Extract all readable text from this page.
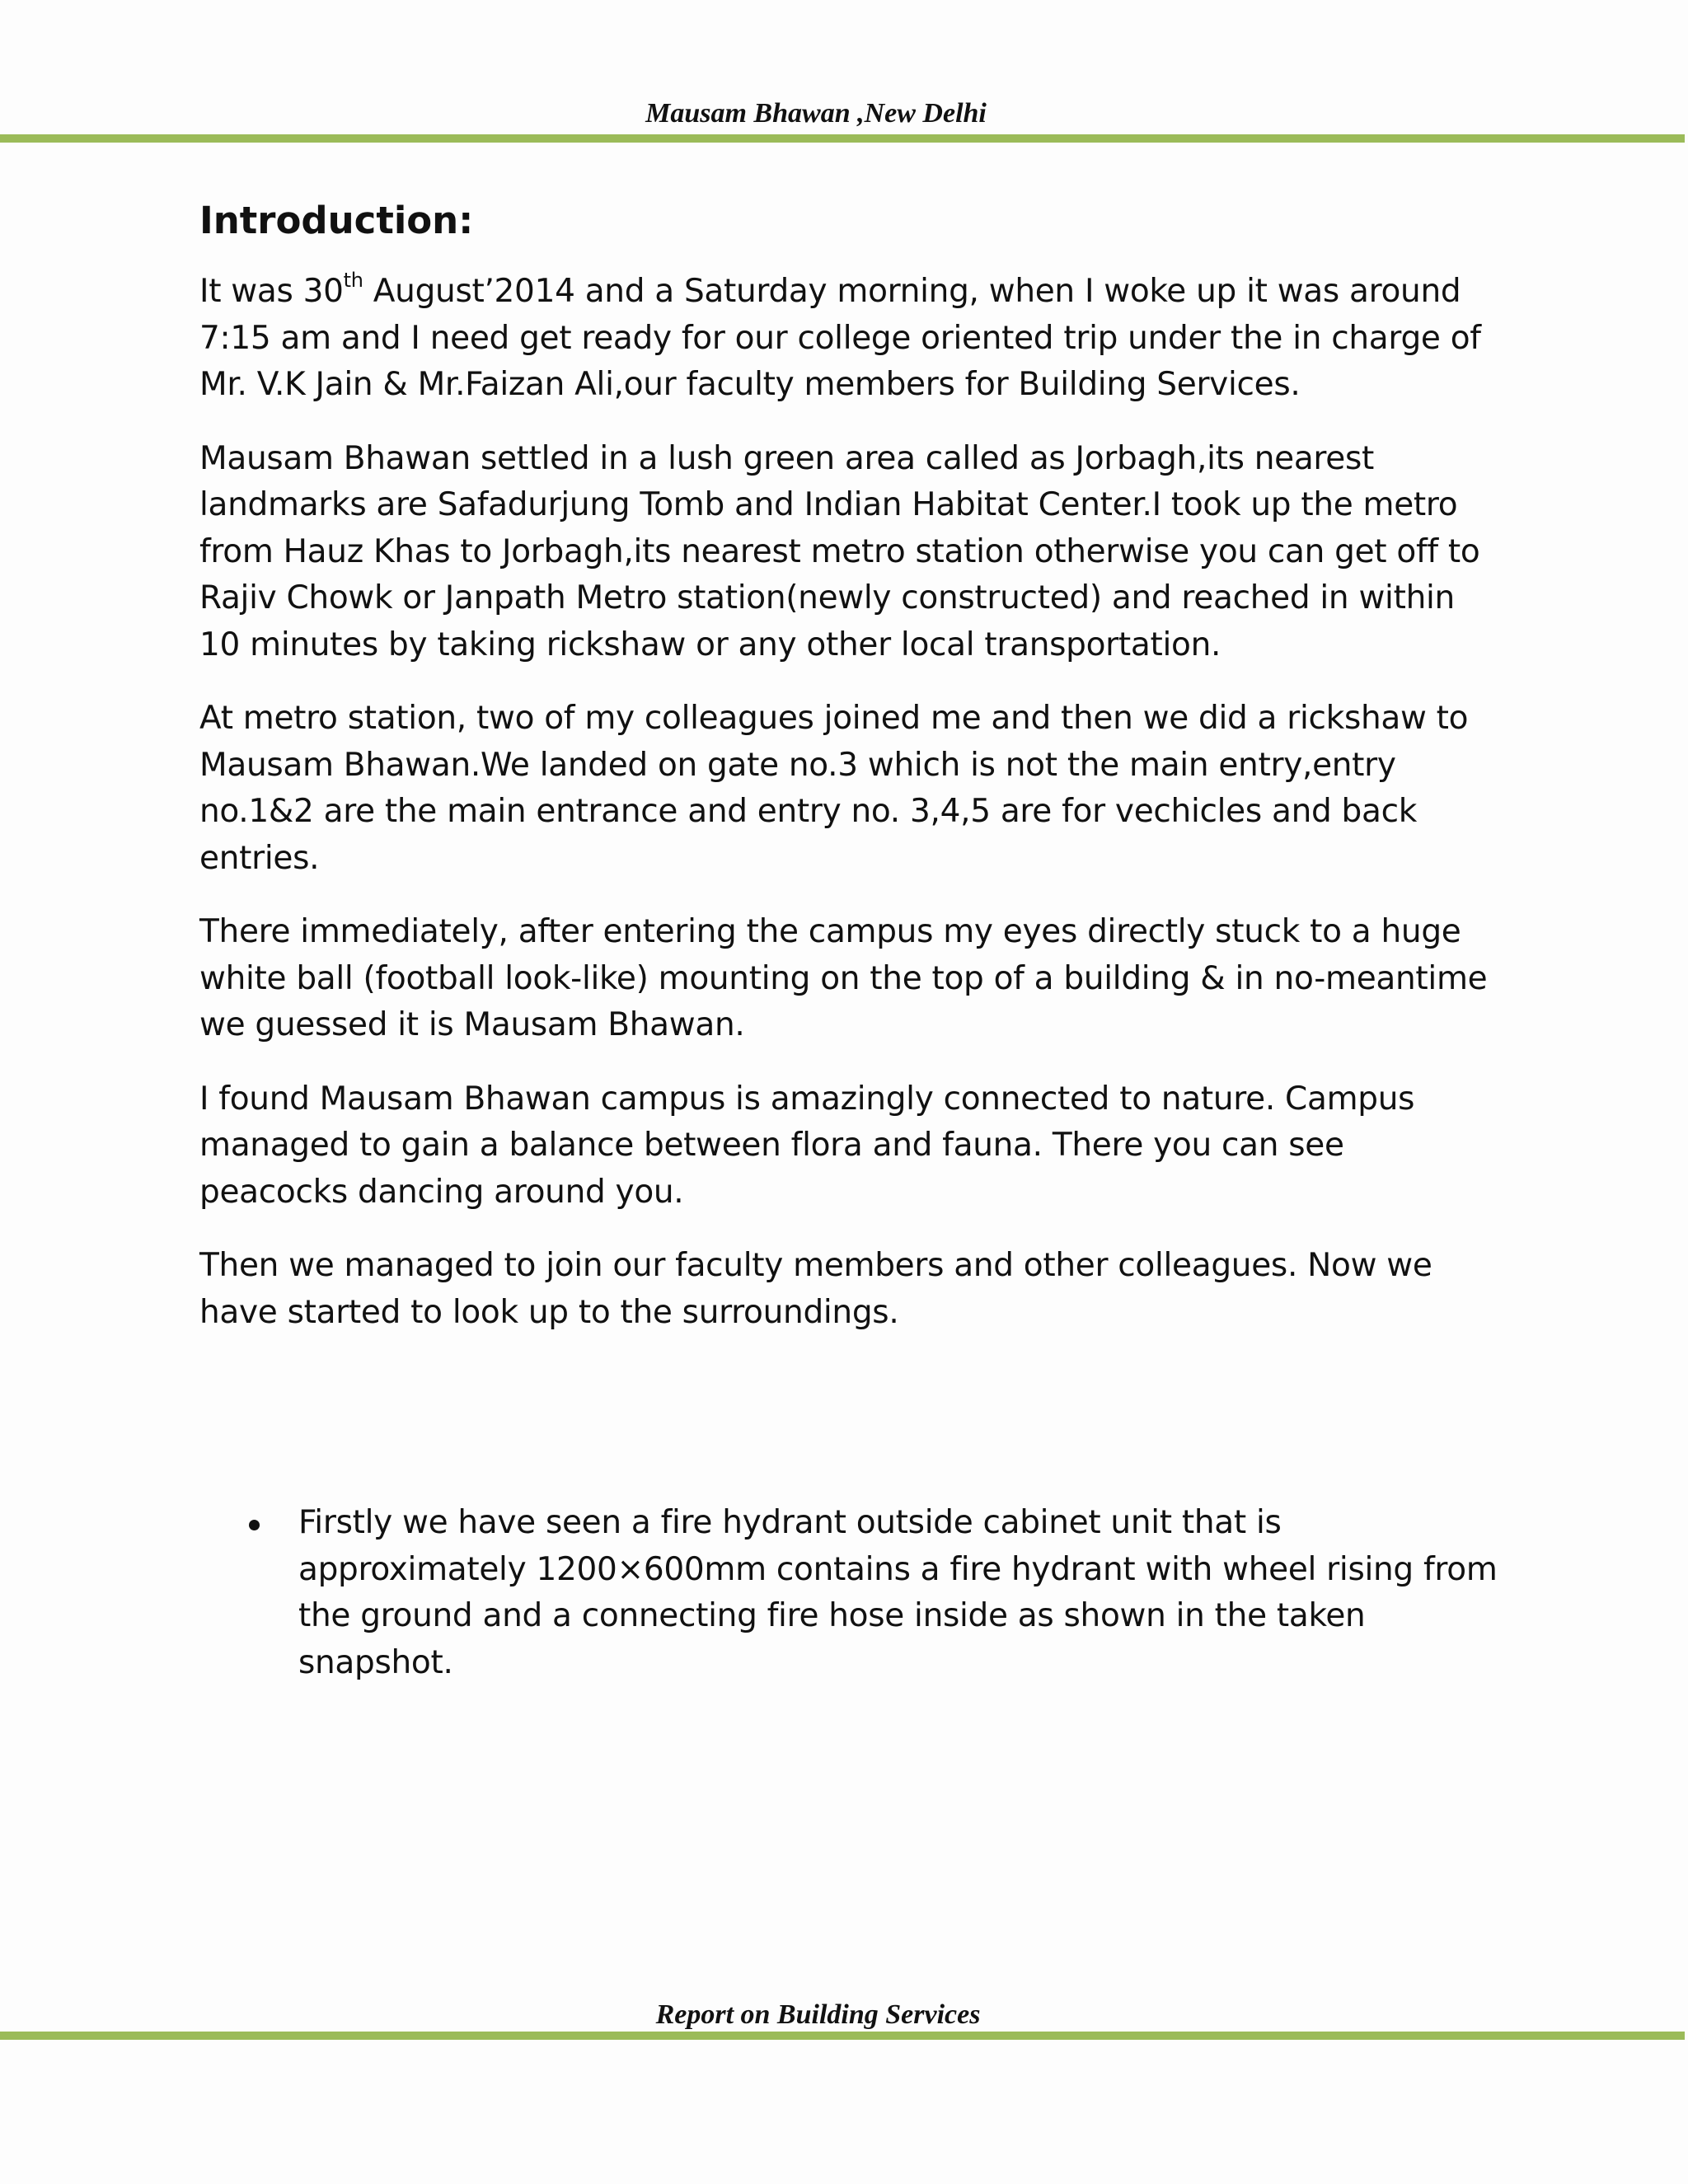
Mausam Bhawan ,New Delhi
Introduction:

It was 30th August’2014 and a Saturday morning, when I woke up it was around 7:15 am and I need get ready for our college oriented trip under the in charge of Mr. V.K Jain & Mr.Faizan Ali,our faculty members for Building Services.

Mausam Bhawan settled in a lush green area called as Jorbagh,its nearest landmarks are Safadurjung Tomb and Indian Habitat Center.I took up the metro from Hauz Khas to Jorbagh,its nearest metro station otherwise you can get off to Rajiv Chowk or Janpath Metro station(newly constructed) and reached in within 10 minutes by taking rickshaw or any other local transportation.

At metro station, two of my colleagues joined me and then we did a rickshaw to Mausam Bhawan.We landed on gate no.3 which is not the main entry,entry no.1&2 are the main entrance and entry no. 3,4,5 are for vechicles and back entries.

There immediately, after entering the campus my eyes directly stuck to a huge white ball (football look-like) mounting on the top of a building & in no-meantime we guessed it is Mausam Bhawan.

I found Mausam Bhawan campus is amazingly connected to nature. Campus managed to gain a balance between flora and fauna. There you can see peacocks dancing around you.

Then we managed to join our faculty members and other colleagues. Now we have started to look up to the surroundings.

Firstly we have seen a fire hydrant outside cabinet unit that is approximately 1200×600mm contains a fire hydrant with wheel rising from the ground and a connecting fire hose inside as shown in the taken snapshot.
Report on Building Services
